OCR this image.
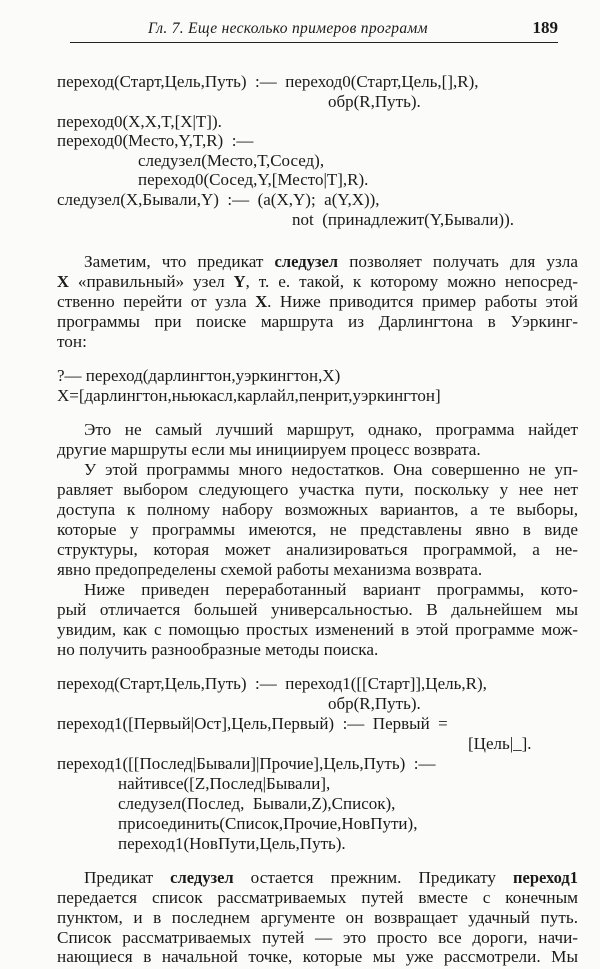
Гл. 7. Еще несколько примеров программ	189
переход(Старт,Цель,Путь)  :—  переход0(Старт,Цель,[],R),
обр(R,Путь).
переход0(X,X,T,[X|T]).
переход0(Место,Y,T,R)  :—
следузел(Место,Т,Сосед),
переход0(Сосед,Y,[Место|T],R).
следузел(X,Бывали,Y)  :—  (а(X,Y);  а(Y,X)),
not  (принадлежит(Y,Бывали)).
Заметим, что предикат следузел позволяет получать для узла
X «правильный» узел Y, т. е. такой, к которому можно непосред-
ственно перейти от узла X. Ниже приводится пример работы этой
программы при поиске маршрута из Дарлингтона в Уэркинг-
тон:
?— переход(дарлингтон,уэркингтон,X)
X=[дарлингтон,ньюкасл,карлайл,пенрит,уэркингтон]
Это не самый лучший маршрут, однако, программа найдет
другие маршруты если мы инициируем процесс возврата.
У этой программы много недостатков. Она совершенно не уп-
равляет выбором следующего участка пути, поскольку у нее нет
доступа к полному набору возможных вариантов, а те выборы,
которые у программы имеются, не представлены явно в виде
структуры, которая может анализироваться программой, а не-
явно предопределены схемой работы механизма возврата.
Ниже приведен переработанный вариант программы, кото-
рый отличается большей универсальностью. В дальнейшем мы
увидим, как с помощью простых изменений в этой программе мож-
но получить разнообразные методы поиска.
переход(Старт,Цель,Путь)  :—  переход1([[Старт]],Цель,R),
обр(R,Путь).
переход1([Первый|Ост],Цель,Первый)  :—  Первый  =
[Цель|_].
переход1([[Послед|Бывали]|Прочие],Цель,Путь)  :—
найтивсе([Z,Послед|Бывали],
следузел(Послед,  Бывали,Z),Список),
присоединить(Список,Прочие,НовПути),
переход1(НовПути,Цель,Путь).
Предикат следузел остается прежним. Предикату переход1
передается список рассматриваемых путей вместе с конечным
пунктом, и в последнем аргументе он возвращает удачный путь.
Список рассматриваемых путей — это просто все дороги, начи-
нающиеся в начальной точке, которые мы уже рассмотрели. Мы
